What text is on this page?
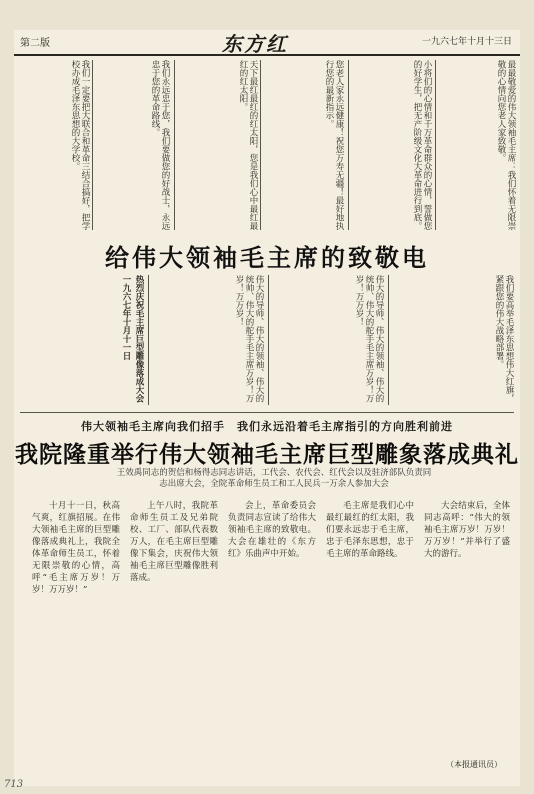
第二版	东方红	一九六七年十月十三日

最最敬爱的伟大领袖毛主席：我们怀着无限崇敬的心情向您老人家致敬。

小将们的心情和千万革命群众的心情，誓做您的好学生，把无产阶级文化大革命进行到底。

您老人家永远健康！祝您万寿无疆！最好地执行您的最新指示。

天下最红最红的红太阳，您是我们心中最红最红的红太阳。

我们永远忠于您，我们要做您的好战士，永远忠于您的革命路线。

我们一定要把大联合和革命三结合搞好，把学校办成毛泽东思想的大学校。

给伟大领袖毛主席的致敬电

我们要高举毛泽东思想伟大红旗，紧跟您的伟大战略部署。

伟大的导师、伟大的领袖、伟大的统帅、伟大的舵手毛主席万岁！万岁！万万岁！

伟大的导师、伟大的领袖、伟大的统帅、伟大的舵手毛主席万岁！万岁！万万岁！

热烈庆祝毛主席巨型雕像落成大会

一九六七年十月十一日

伟大领袖毛主席向我们招手　我们永远沿着毛主席指引的方向胜利前进
我院隆重举行伟大领袖毛主席巨型雕象落成典礼
王效禹同志的贺信和杨得志同志讲话，工代会、农代会、红代会以及驻济部队负责同志出席大会，全院革命师生员工和工人民兵一万余人参加大会

十月十一日，秋高气爽，红旗招展。在伟大领袖毛主席的巨型雕像落成典礼上，我院全体革命师生员工，怀着无限崇敬的心情，高呼“毛主席万岁！万岁！万万岁！”

上午八时，我院革命师生员工及兄弟院校、工厂、部队代表数万人，在毛主席巨型雕像下集会，庆祝伟大领袖毛主席巨型雕像胜利落成。

会上，革命委员会负责同志宣读了给伟大领袖毛主席的致敬电。大会在雄壮的《东方红》乐曲声中开始。

毛主席是我们心中最红最红的红太阳，我们要永远忠于毛主席，忠于毛泽东思想，忠于毛主席的革命路线。

大会结束后，全体同志高呼：“伟大的领袖毛主席万岁！万岁！万万岁！”并举行了盛大的游行。

（本报通讯员）
713
